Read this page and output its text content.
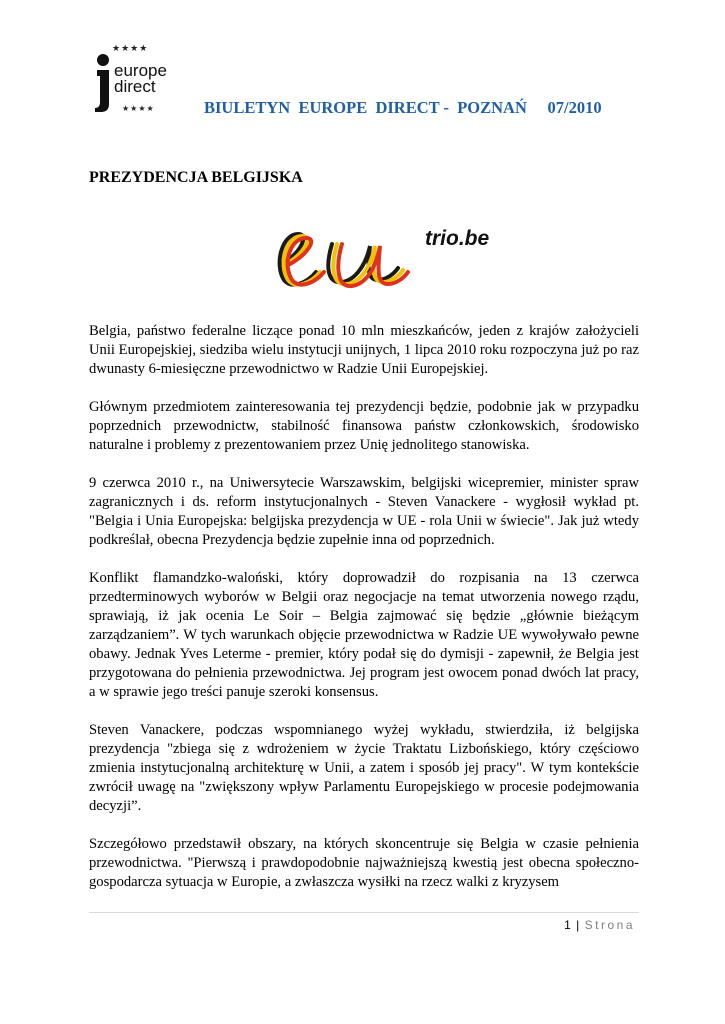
★★★★
europe
direct
★★★★	BIULETYN  EUROPE  DIRECT -  POZNAŃ     07/2010
PREZYDENCJA BELGIJSKA
trio.be

Belgia, państwo federalne liczące ponad 10 mln mieszkańców, jeden z krajów założycieli Unii Europejskiej, siedziba wielu instytucji unijnych, 1 lipca 2010 roku rozpoczyna już po raz dwunasty 6-miesięczne przewodnictwo w Radzie Unii Europejskiej.

Głównym przedmiotem zainteresowania tej prezydencji będzie, podobnie jak w przypadku poprzednich przewodnictw, stabilność finansowa państw członkowskich, środowisko naturalne i problemy z prezentowaniem przez Unię jednolitego stanowiska.

9 czerwca 2010 r., na Uniwersytecie Warszawskim, belgijski wicepremier, minister spraw zagranicznych i ds. reform instytucjonalnych - Steven Vanackere - wygłosił wykład pt. "Belgia i Unia Europejska: belgijska prezydencja w UE - rola Unii w świecie". Jak już wtedy podkreślał, obecna Prezydencja będzie zupełnie inna od poprzednich.

Konflikt flamandzko-waloński, który doprowadził do rozpisania na 13 czerwca przedterminowych wyborów w Belgii oraz negocjacje na temat utworzenia nowego rządu, sprawiają, iż jak ocenia Le Soir – Belgia zajmować się będzie „głównie bieżącym zarządzaniem”. W tych warunkach objęcie przewodnictwa w Radzie UE wywoływało pewne obawy. Jednak Yves Leterme - premier, który podał się do dymisji - zapewnił, że Belgia jest przygotowana do pełnienia przewodnictwa. Jej program jest owocem ponad dwóch lat pracy, a w sprawie jego treści panuje szeroki konsensus.

Steven Vanackere, podczas wspomnianego wyżej wykładu, stwierdziła, iż belgijska prezydencja "zbiega się z wdrożeniem w życie Traktatu Lizbońskiego, który częściowo zmienia instytucjonalną architekturę w Unii, a zatem i sposób jej pracy". W tym kontekście zwrócił uwagę na "zwiększony wpływ Parlamentu Europejskiego w procesie podejmowania decyzji”.

Szczegółowo przedstawił obszary, na których skoncentruje się Belgia w czasie pełnienia przewodnictwa. "Pierwszą i prawdopodobnie najważniejszą kwestią jest obecna społeczno-gospodarcza sytuacja w Europie, a zwłaszcza wysiłki na rzecz walki z kryzysem

1 | Strona
